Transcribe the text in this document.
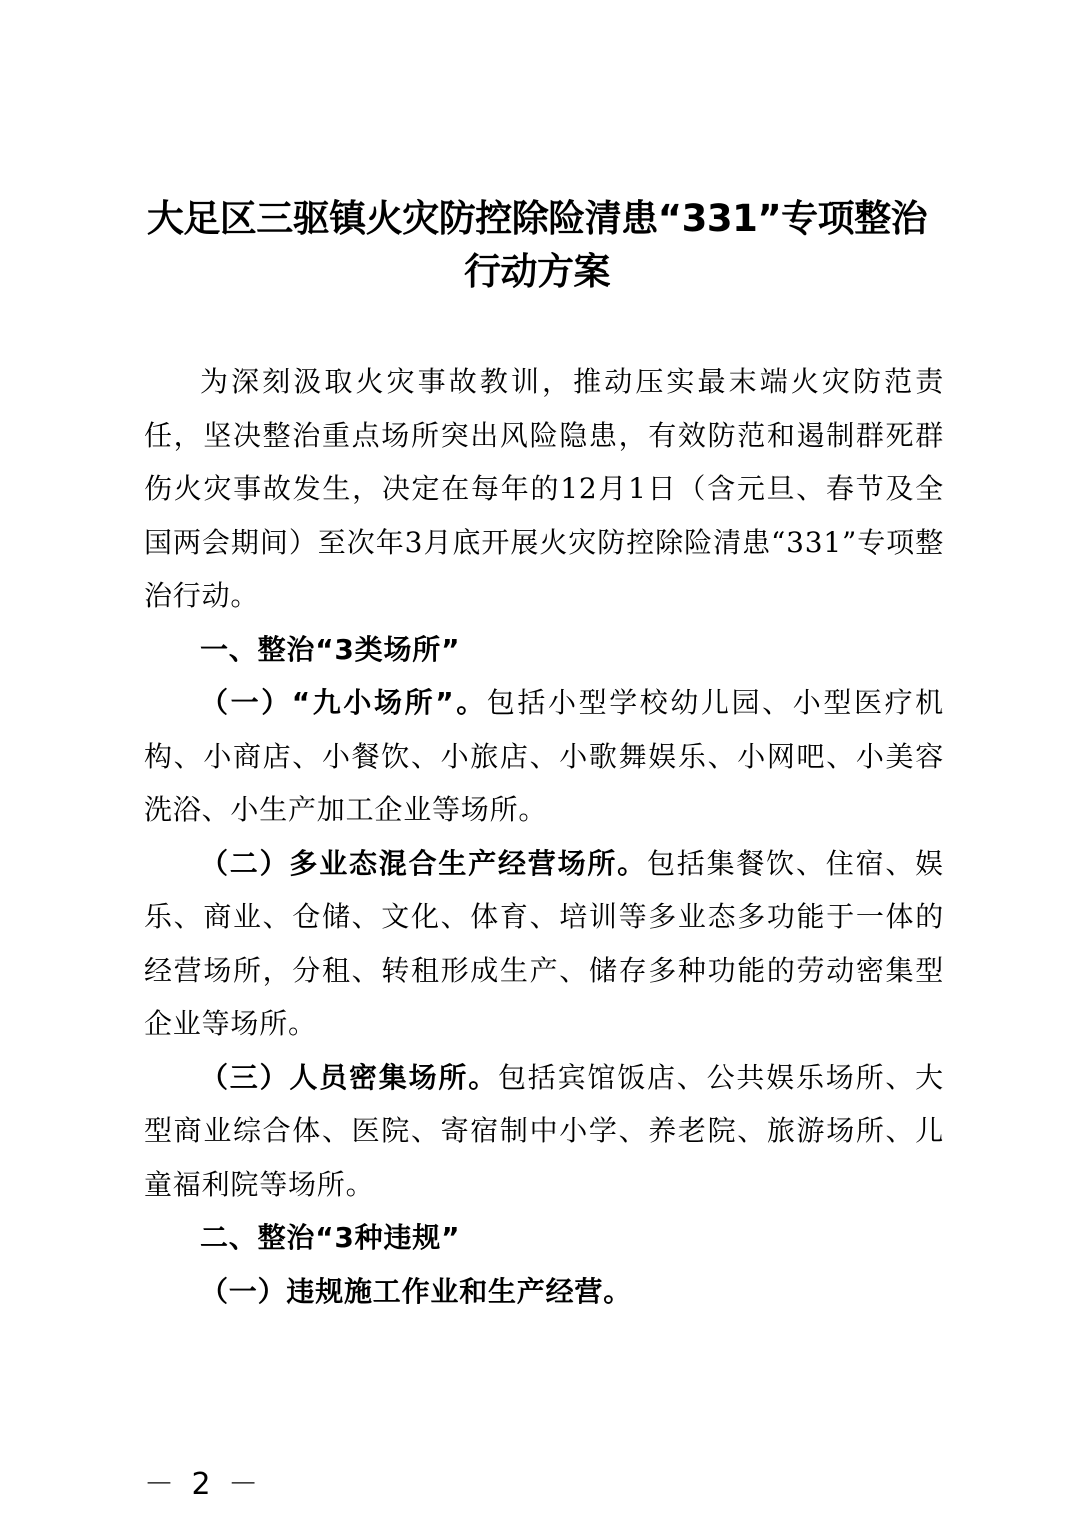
大足区三驱镇火灾防控除险清患“331”专项整治
行动方案

为深刻汲取火灾事故教训，推动压实最末端火灾防范责任，坚决整治重点场所突出风险隐患，有效防范和遏制群死群伤火灾事故发生，决定在每年的12月1日（含元旦、春节及全国两会期间）至次年3月底开展火灾防控除险清患“331”专项整治行动。

一、整治“3类场所”

（一）“九小场所”。包括小型学校幼儿园、小型医疗机构、小商店、小餐饮、小旅店、小歌舞娱乐、小网吧、小美容洗浴、小生产加工企业等场所。

（二）多业态混合生产经营场所。包括集餐饮、住宿、娱乐、商业、仓储、文化、体育、培训等多业态多功能于一体的经营场所，分租、转租形成生产、储存多种功能的劳动密集型企业等场所。

（三）人员密集场所。包括宾馆饭店、公共娱乐场所、大型商业综合体、医院、寄宿制中小学、养老院、旅游场所、儿童福利院等场所。

二、整治“3种违规”

（一）违规施工作业和生产经营。

－ 2 －
